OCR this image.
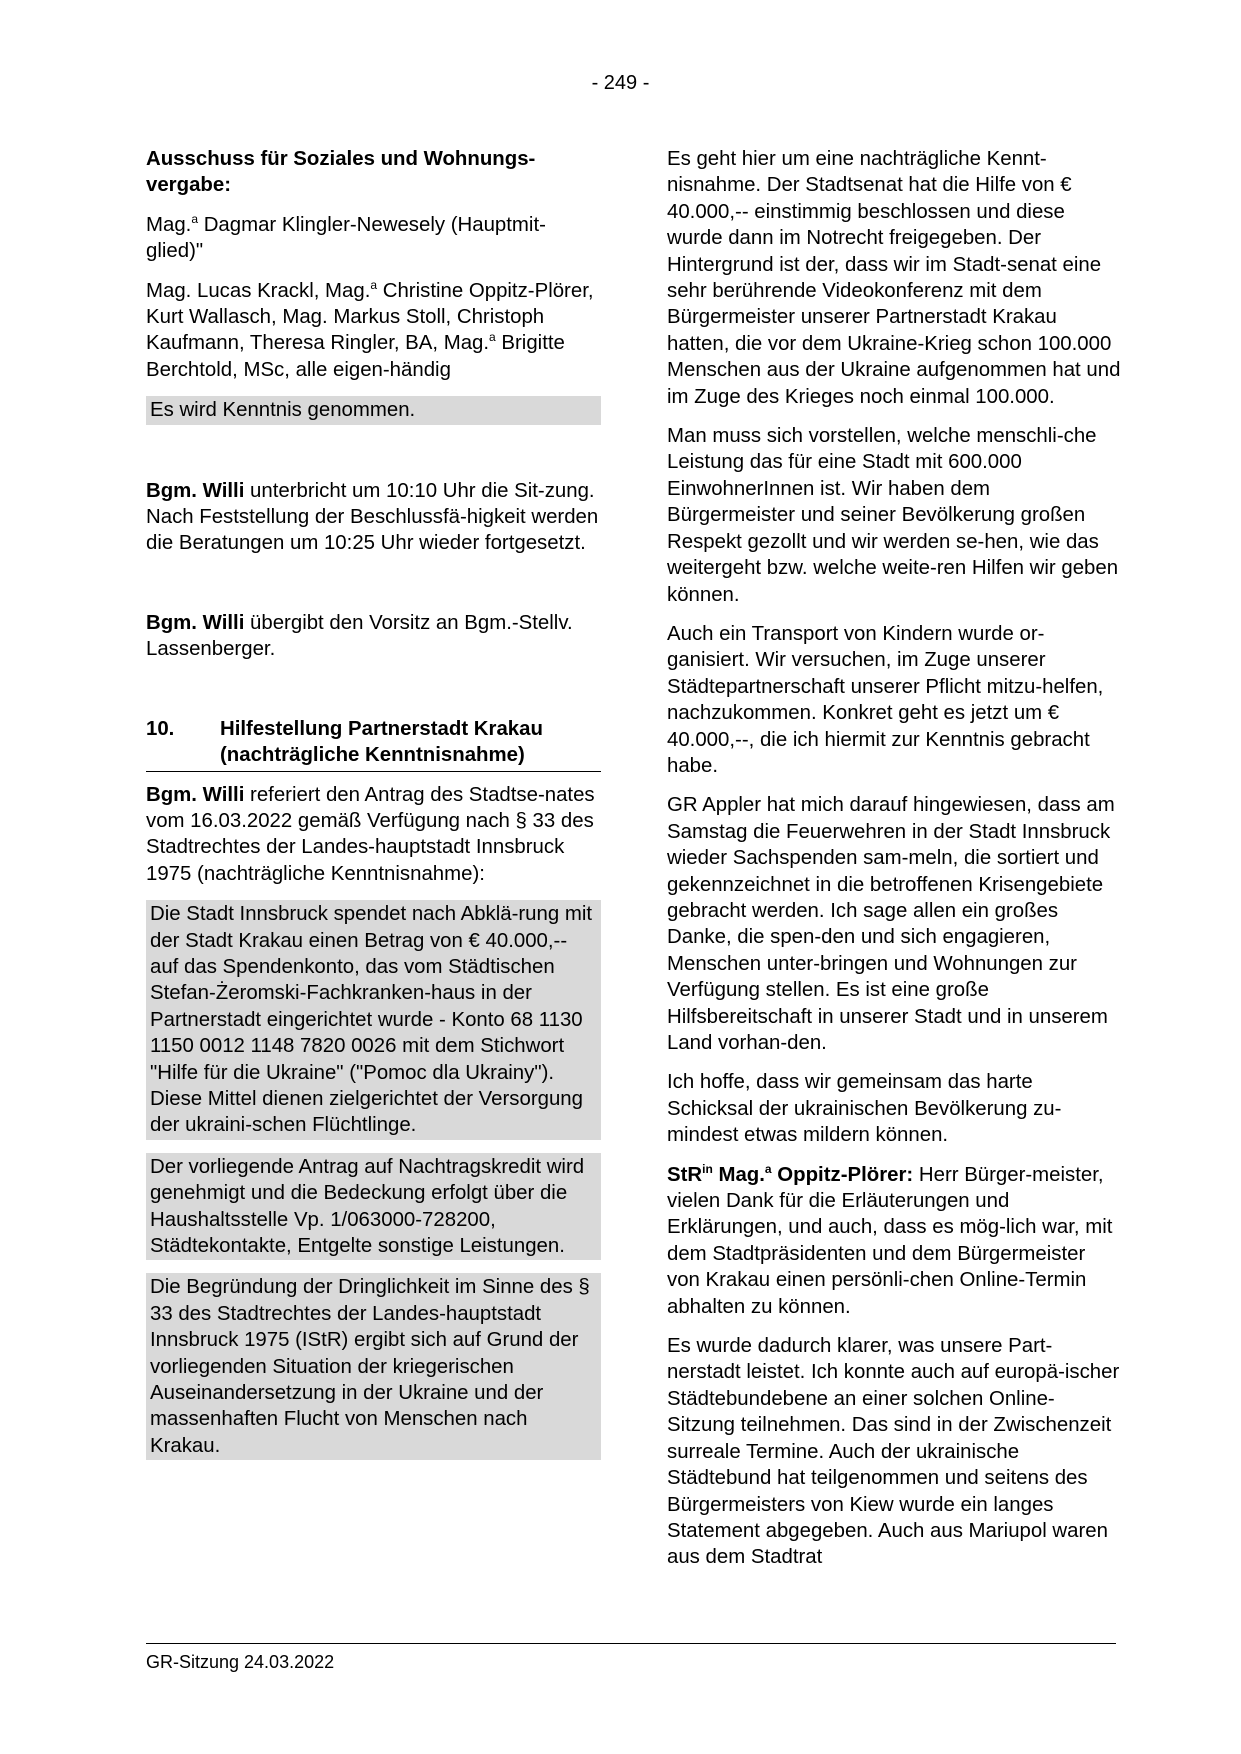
- 249 -

Ausschuss für Soziales und Wohnungs-vergabe:

Mag.$^a$ Dagmar Klingler-Newesely (Hauptmit-glied)"

Mag. Lucas Krackl, Mag.$^a$ Christine Oppitz-Plörer, Kurt Wallasch, Mag. Markus Stoll, Christoph Kaufmann, Theresa Ringler, BA, Mag.$^a$ Brigitte Berchtold, MSc, alle eigen-händig

Es wird Kenntnis genommen.

Bgm. Willi unterbricht um 10:10 Uhr die Sit-zung. Nach Feststellung der Beschlussfä-higkeit werden die Beratungen um 10:25 Uhr wieder fortgesetzt.

Bgm. Willi übergibt den Vorsitz an Bgm.-Stellv. Lassenberger.

10.	Hilfestellung Partnerstadt Krakau (nachträgliche Kenntnisnahme)

Bgm. Willi referiert den Antrag des Stadtse-nates vom 16.03.2022 gemäß Verfügung nach § 33 des Stadtrechtes der Landes-hauptstadt Innsbruck 1975 (nachträgliche Kenntnisnahme):

Die Stadt Innsbruck spendet nach Abklä-rung mit der Stadt Krakau einen Betrag von € 40.000,-- auf das Spendenkonto, das vom Städtischen Stefan-Żeromski-Fachkranken-haus in der Partnerstadt eingerichtet wurde - Konto 68 1130 1150 0012 1148 7820 0026 mit dem Stichwort "Hilfe für die Ukraine" ("Pomoc dla Ukrainy"). Diese Mittel dienen zielgerichtet der Versorgung der ukraini-schen Flüchtlinge.

Der vorliegende Antrag auf Nachtragskredit wird genehmigt und die Bedeckung erfolgt über die Haushaltsstelle Vp. 1/063000-728200, Städtekontakte, Entgelte sonstige Leistungen.

Die Begründung der Dringlichkeit im Sinne des § 33 des Stadtrechtes der Landes-hauptstadt Innsbruck 1975 (IStR) ergibt sich auf Grund der vorliegenden Situation der kriegerischen Auseinandersetzung in der Ukraine und der massenhaften Flucht von Menschen nach Krakau.

Es geht hier um eine nachträgliche Kennt-nisnahme. Der Stadtsenat hat die Hilfe von € 40.000,-- einstimmig beschlossen und diese wurde dann im Notrecht freigegeben. Der Hintergrund ist der, dass wir im Stadt-senat eine sehr berührende Videokonferenz mit dem Bürgermeister unserer Partnerstadt Krakau hatten, die vor dem Ukraine-Krieg schon 100.000 Menschen aus der Ukraine aufgenommen hat und im Zuge des Krieges noch einmal 100.000.

Man muss sich vorstellen, welche menschli-che Leistung das für eine Stadt mit 600.000 EinwohnerInnen ist. Wir haben dem Bürgermeister und seiner Bevölkerung großen Respekt gezollt und wir werden se-hen, wie das weitergeht bzw. welche weite-ren Hilfen wir geben können.

Auch ein Transport von Kindern wurde or-ganisiert. Wir versuchen, im Zuge unserer Städtepartnerschaft unserer Pflicht mitzu-helfen, nachzukommen. Konkret geht es jetzt um € 40.000,--, die ich hiermit zur Kenntnis gebracht habe.

GR Appler hat mich darauf hingewiesen, dass am Samstag die Feuerwehren in der Stadt Innsbruck wieder Sachspenden sam-meln, die sortiert und gekennzeichnet in die betroffenen Krisengebiete gebracht werden. Ich sage allen ein großes Danke, die spen-den und sich engagieren, Menschen unter-bringen und Wohnungen zur Verfügung stellen. Es ist eine große Hilfsbereitschaft in unserer Stadt und in unserem Land vorhan-den.

Ich hoffe, dass wir gemeinsam das harte Schicksal der ukrainischen Bevölkerung zu-mindest etwas mildern können.

StR$^{in}$ Mag.$^a$ Oppitz-Plörer: Herr Bürger-meister, vielen Dank für die Erläuterungen und Erklärungen, und auch, dass es mög-lich war, mit dem Stadtpräsidenten und dem Bürgermeister von Krakau einen persönli-chen Online-Termin abhalten zu können.

Es wurde dadurch klarer, was unsere Part-nerstadt leistet. Ich konnte auch auf europä-ischer Städtebundebene an einer solchen Online-Sitzung teilnehmen. Das sind in der Zwischenzeit surreale Termine. Auch der ukrainische Städtebund hat teilgenommen und seitens des Bürgermeisters von Kiew wurde ein langes Statement abgegeben. Auch aus Mariupol waren aus dem Stadtrat

GR-Sitzung 24.03.2022
